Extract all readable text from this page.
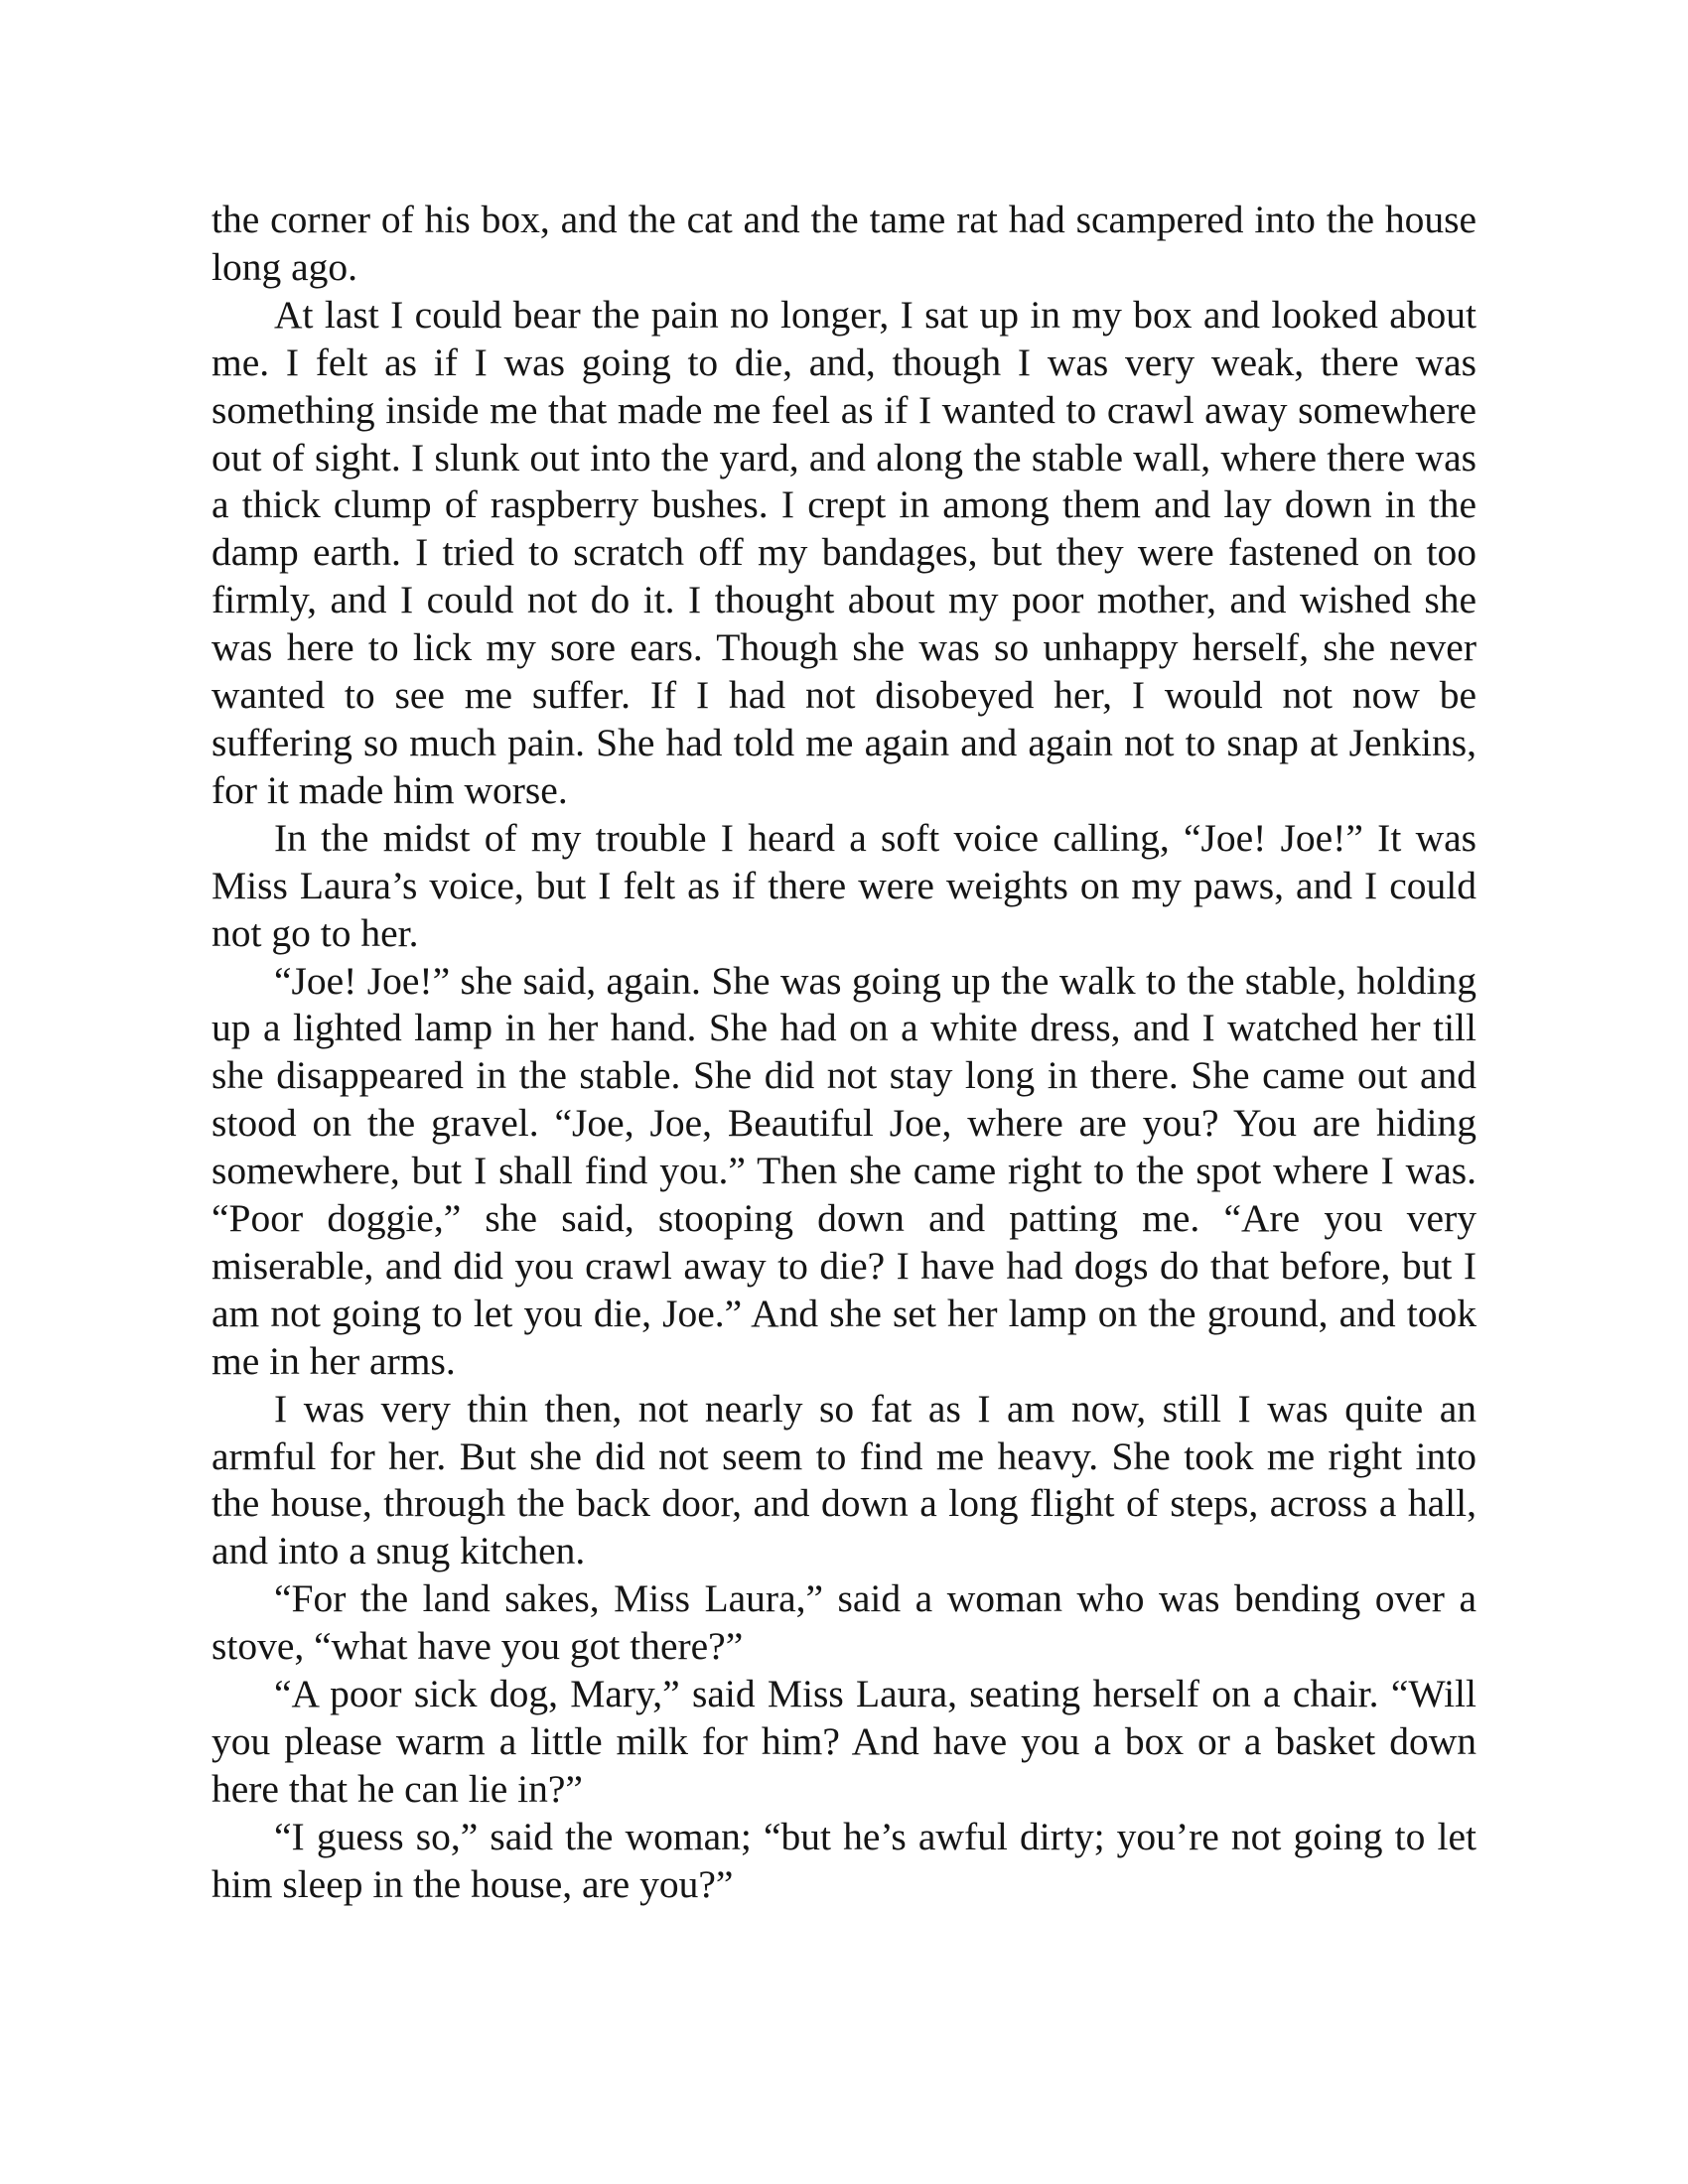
the corner of his box, and the cat and the tame rat had scampered into the house long ago.

At last I could bear the pain no longer, I sat up in my box and looked about me. I felt as if I was going to die, and, though I was very weak, there was something inside me that made me feel as if I wanted to crawl away somewhere out of sight. I slunk out into the yard, and along the stable wall, where there was a thick clump of raspberry bushes. I crept in among them and lay down in the damp earth. I tried to scratch off my bandages, but they were fastened on too firmly, and I could not do it. I thought about my poor mother, and wished she was here to lick my sore ears. Though she was so unhappy herself, she never wanted to see me suffer. If I had not disobeyed her, I would not now be suffering so much pain. She had told me again and again not to snap at Jenkins, for it made him worse.

In the midst of my trouble I heard a soft voice calling, “Joe! Joe!” It was Miss Laura’s voice, but I felt as if there were weights on my paws, and I could not go to her.

“Joe! Joe!” she said, again. She was going up the walk to the stable, holding up a lighted lamp in her hand. She had on a white dress, and I watched her till she disappeared in the stable. She did not stay long in there. She came out and stood on the gravel. “Joe, Joe, Beautiful Joe, where are you? You are hiding somewhere, but I shall find you.” Then she came right to the spot where I was. “Poor doggie,” she said, stooping down and patting me. “Are you very miserable, and did you crawl away to die? I have had dogs do that before, but I am not going to let you die, Joe.” And she set her lamp on the ground, and took me in her arms.

I was very thin then, not nearly so fat as I am now, still I was quite an armful for her. But she did not seem to find me heavy. She took me right into the house, through the back door, and down a long flight of steps, across a hall, and into a snug kitchen.

“For the land sakes, Miss Laura,” said a woman who was bending over a stove, “what have you got there?”

“A poor sick dog, Mary,” said Miss Laura, seating herself on a chair. “Will you please warm a little milk for him? And have you a box or a basket down here that he can lie in?”

“I guess so,” said the woman; “but he’s awful dirty; you’re not going to let him sleep in the house, are you?”
